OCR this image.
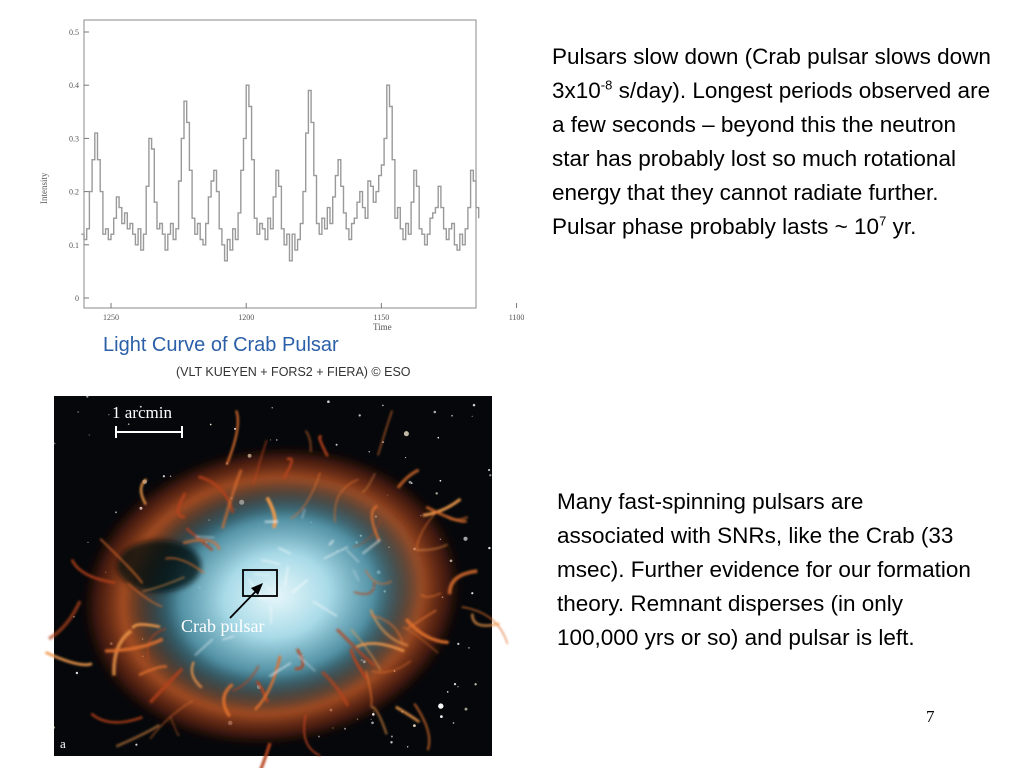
0
0.1
0.2
0.3
0.4
0.5
1250	1200	1150	1100
Intensity
Time
Light Curve of Crab Pulsar
(VLT KUEYEN + FORS2 + FIERA) © ESO
1 arcmin
Crab pulsar
a

Pulsars slow down (Crab pulsar slows down $3x10^{-8}$ s/day). Longest periods observed are a few seconds – beyond this the neutron star has probably lost so much rotational energy that they cannot radiate further. Pulsar phase probably lasts ~ $10^7$ yr.

Many fast-spinning pulsars are associated with SNRs, like the Crab (33 msec). Further evidence for our formation theory. Remnant disperses (in only 100,000 yrs or so) and pulsar is left.

7
